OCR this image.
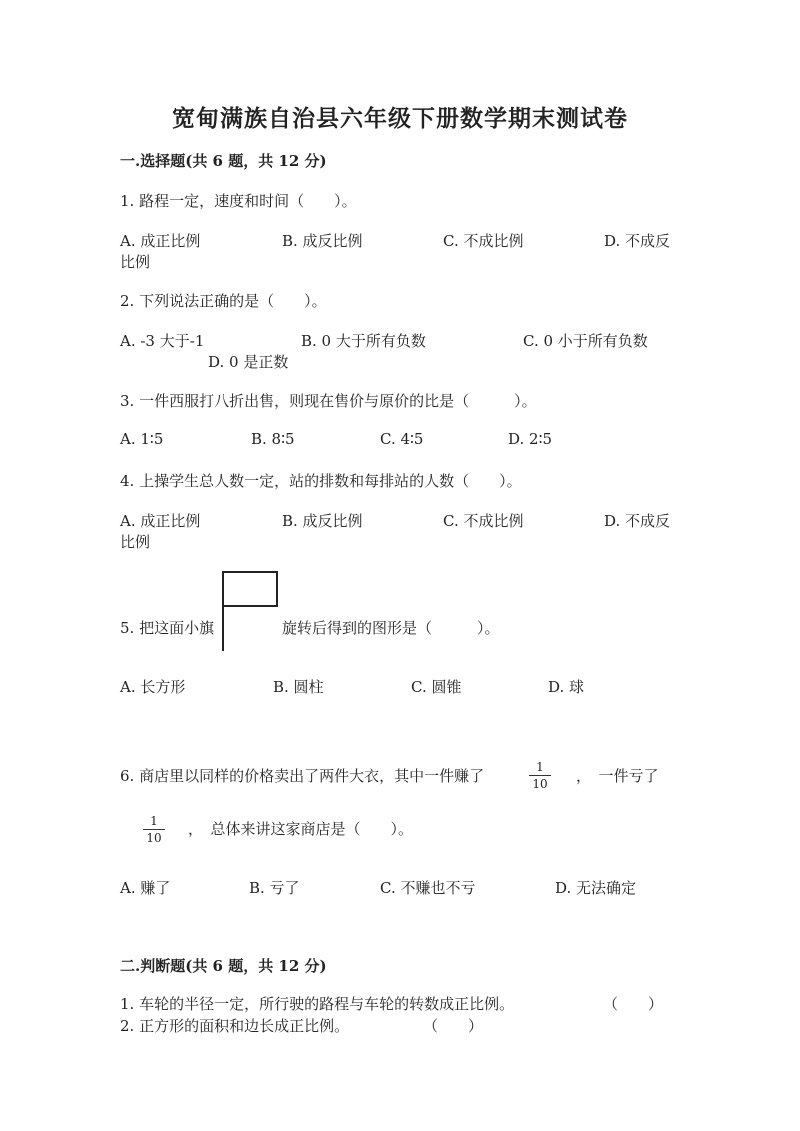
宽甸满族自治县六年级下册数学期末测试卷
一.选择题(共 6 题，共 12 分)
1. 路程一定，速度和时间（　　）。
A. 成正比例	B. 成反比例	C. 不成比例	D. 不成反
比例
2. 下列说法正确的是（　　）。
A. -3 大于-1	B. 0 大于所有负数	C. 0 小于所有负数
D. 0 是正数
3. 一件西服打八折出售，则现在售价与原价的比是（　　　）。
A. 1∶5	B. 8∶5	C. 4∶5	D. 2∶5
4. 上操学生总人数一定，站的排数和每排站的人数（　　）。
A. 成正比例	B. 成反比例	C. 不成比例	D. 不成反
比例
5. 把这面小旗	旋转后得到的图形是（　　　）。
A. 长方形	B. 圆柱	C. 圆锥	D. 球
6. 商店里以同样的价格卖出了两件大衣，其中一件赚了	1
10 ，　一件亏了
1
10 ，　总体来讲这家商店是（　　）。
A. 赚了	B. 亏了	C. 不赚也不亏	D. 无法确定
二.判断题(共 6 题，共 12 分)
1. 车轮的半径一定，所行驶的路程与车轮的转数成正比例。	（　　）
2. 正方形的面积和边长成正比例。	（　　）
